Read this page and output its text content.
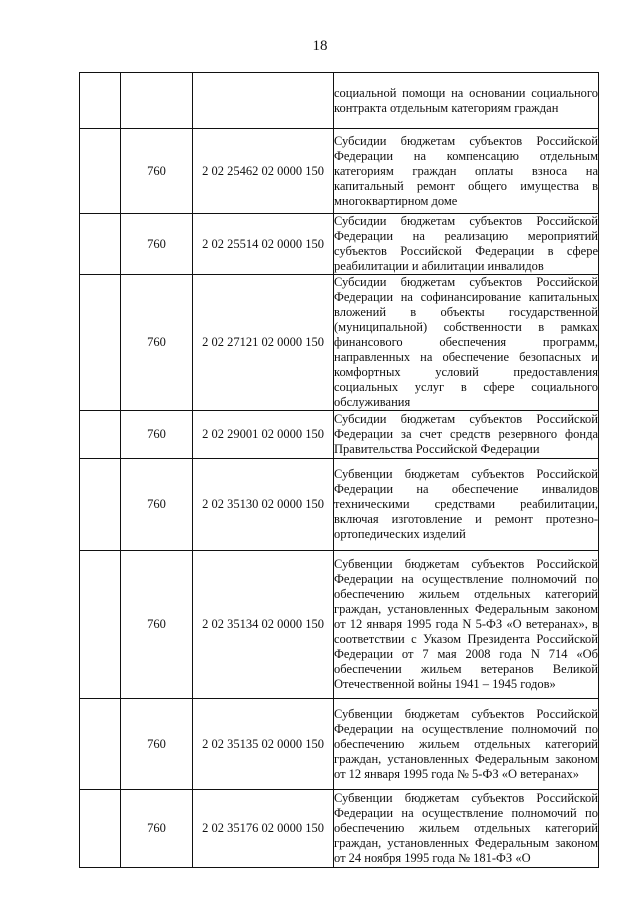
18
			социальной помощи на основании социального контракта отдельным категориям граждан
	760	2 02 25462 02 0000 150	Субсидии бюджетам субъектов Российской Федерации на компенсацию отдельным категориям граждан оплаты взноса на капитальный ремонт общего имущества в многоквартирном доме
	760	2 02 25514 02 0000 150	Субсидии бюджетам субъектов Российской Федерации на реализацию мероприятий субъектов Российской Федерации в сфере реабилитации и абилитации инвалидов
	760	2 02 27121 02 0000 150	Субсидии бюджетам субъектов Российской Федерации на софинансирование капитальных вложений в объекты государственной (муниципальной) собственности в рамках финансового обеспечения программ, направленных на обеспечение безопасных и комфортных условий предоставления социальных услуг в сфере социального обслуживания
	760	2 02 29001 02 0000 150	Субсидии бюджетам субъектов Российской Федерации за счет средств резервного фонда Правительства Российской Федерации
	760	2 02 35130 02 0000 150	Субвенции бюджетам субъектов Российской Федерации на обеспечение инвалидов техническими средствами реабилитации, включая изготовление и ремонт протезно-ортопедических изделий
	760	2 02 35134 02 0000 150	Субвенции бюджетам субъектов Российской Федерации на осуществление полномочий по обеспечению жильем отдельных категорий граждан, установленных Федеральным законом от 12 января 1995 года N 5-ФЗ «О ветеранах», в соответствии с Указом Президента Российской Федерации от 7 мая 2008 года N 714 «Об обеспечении жильем ветеранов Великой Отечественной войны 1941 – 1945 годов»
	760	2 02 35135 02 0000 150	Субвенции бюджетам субъектов Российской Федерации на осуществление полномочий по обеспечению жильем отдельных категорий граждан, установленных Федеральным законом от 12 января 1995 года № 5-ФЗ «О ветеранах»
	760	2 02 35176 02 0000 150	Субвенции бюджетам субъектов Российской Федерации на осуществление полномочий по обеспечению жильем отдельных категорий граждан, установленных Федеральным законом от 24 ноября 1995 года № 181-ФЗ «О
